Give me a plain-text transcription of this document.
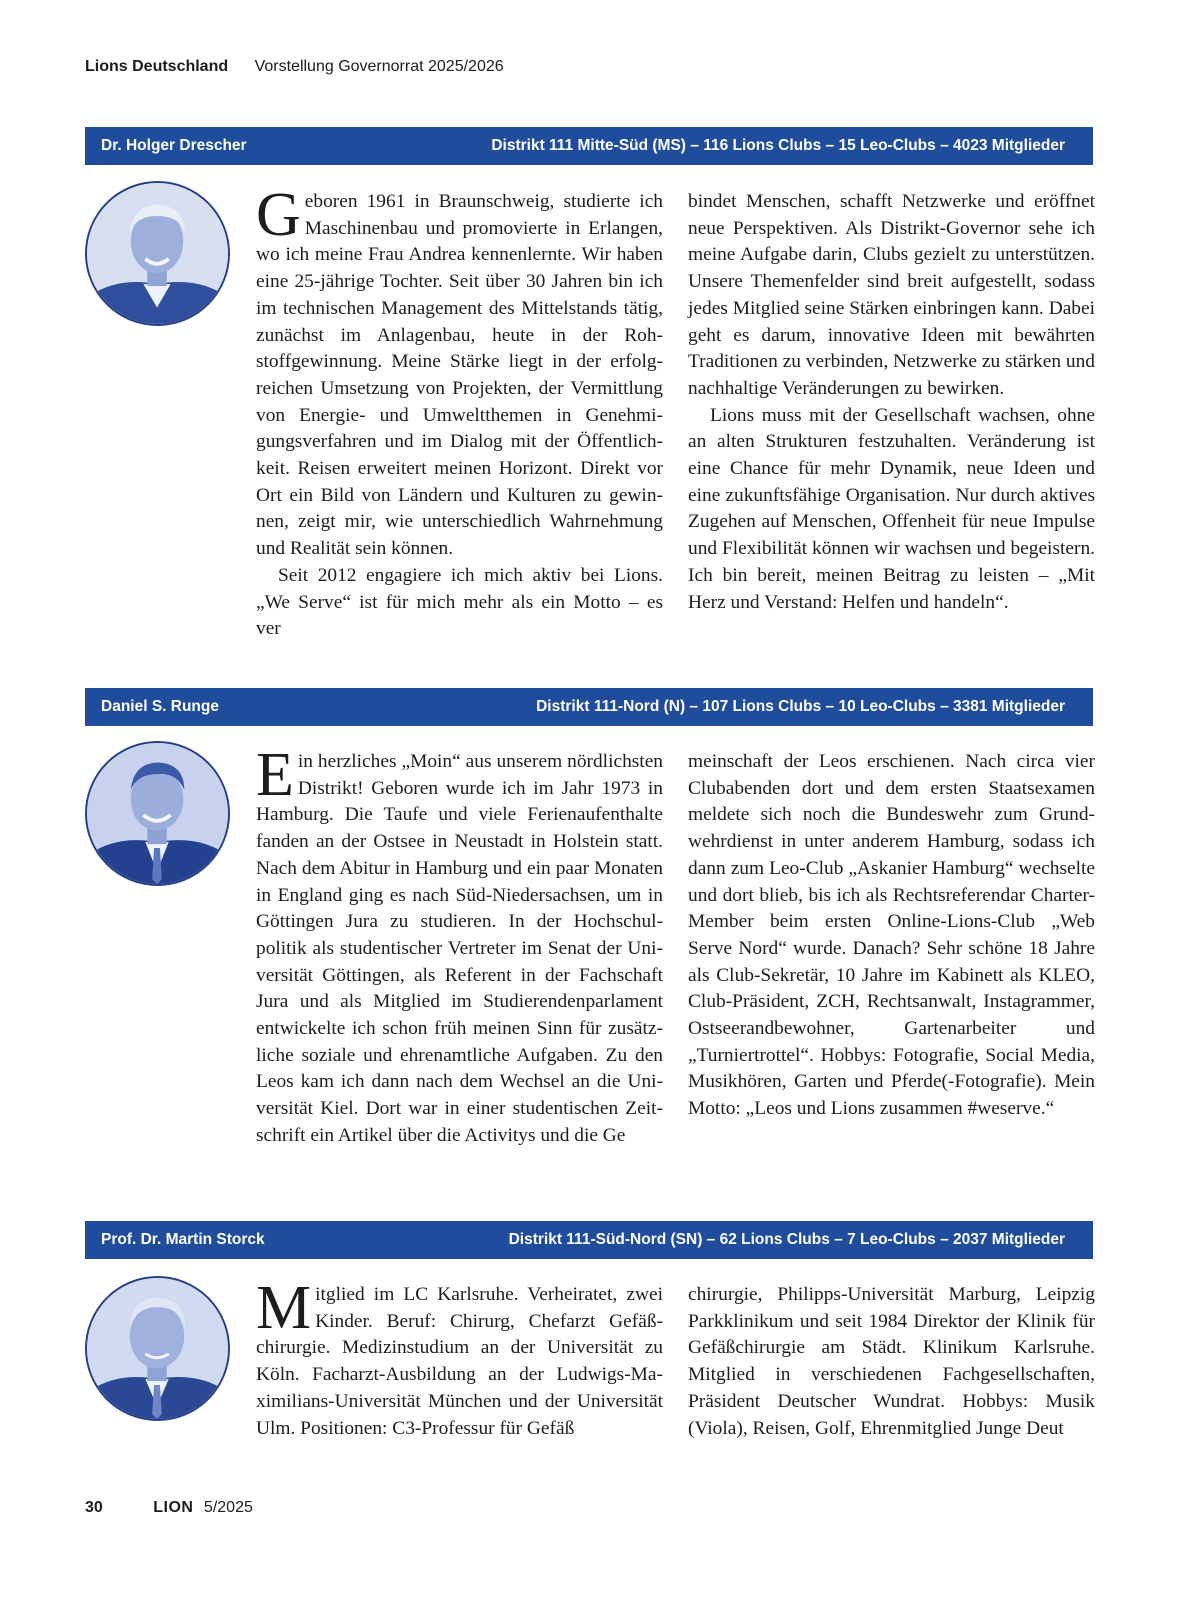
Lions Deutschland Vorstellung Governorrat 2025/2026
Dr. Holger Drescher	Distrikt 111 Mitte-Süd (MS) – 116 Lions Clubs – 15 Leo-Clubs – 4023 Mitglieder

Geboren 1961 in Braunschweig, studierte ich Maschinenbau und promovierte in Erlangen, wo ich meine Frau Andrea kennenlernte. Wir haben eine 25-jährige Tochter. Seit über 30 Jahren bin ich im technischen Management des Mittelstands tätig, zunächst im Anlagenbau, heute in der Rohstoffgewinnung. Meine Stärke liegt in der erfolgreichen Umsetzung von Projekten, der Vermittlung von Energie- und Umweltthemen in Genehmigungsverfahren und im Dialog mit der Öffentlichkeit. Reisen erweitert meinen Horizont. Direkt vor Ort ein Bild von Ländern und Kulturen zu gewinnen, zeigt mir, wie unterschiedlich Wahrnehmung und Realität sein können.

Seit 2012 engagiere ich mich aktiv bei Lions. „We Serve“ ist für mich mehr als ein Motto – es ver

bindet Menschen, schafft Netzwerke und eröffnet neue Perspektiven. Als Distrikt-Governor sehe ich meine Aufgabe darin, Clubs gezielt zu unterstützen. Unsere Themenfelder sind breit aufgestellt, sodass jedes Mitglied seine Stärken einbringen kann. Dabei geht es darum, innovative Ideen mit bewährten Traditionen zu verbinden, Netzwerke zu stärken und nachhaltige Veränderungen zu bewirken.

Lions muss mit der Gesellschaft wachsen, ohne an alten Strukturen festzuhalten. Veränderung ist eine Chance für mehr Dynamik, neue Ideen und eine zukunftsfähige Organisation. Nur durch aktives Zugehen auf Menschen, Offenheit für neue Impulse und Flexibilität können wir wachsen und begeistern. Ich bin bereit, meinen Beitrag zu leisten – „Mit Herz und Verstand: Helfen und handeln“.

Daniel S. Runge	Distrikt 111-Nord (N) – 107 Lions Clubs – 10 Leo-Clubs – 3381 Mitglieder

Ein herzliches „Moin“ aus unserem nördlichsten Distrikt! Geboren wurde ich im Jahr 1973 in Hamburg. Die Taufe und viele Ferienaufenthalte fanden an der Ostsee in Neustadt in Holstein statt. Nach dem Abitur in Hamburg und ein paar Monaten in England ging es nach Süd-Niedersachsen, um in Göttingen Jura zu studieren. In der Hochschulpolitik als studentischer Vertreter im Senat der Universität Göttingen, als Referent in der Fachschaft Jura und als Mitglied im Studierendenparlament entwickelte ich schon früh meinen Sinn für zusätzliche soziale und ehrenamtliche Aufgaben. Zu den Leos kam ich dann nach dem Wechsel an die Universität Kiel. Dort war in einer studentischen Zeitschrift ein Artikel über die Activitys und die Ge

meinschaft der Leos erschienen. Nach circa vier Clubabenden dort und dem ersten Staatsexamen meldete sich noch die Bundeswehr zum Grundwehrdienst in unter anderem Hamburg, sodass ich dann zum Leo-Club „Askanier Hamburg“ wechselte und dort blieb, bis ich als Rechtsreferendar Charter-Member beim ersten Online-Lions-Club „Web Serve Nord“ wurde. Danach? Sehr schöne 18 Jahre als Club-Sekretär, 10 Jahre im Kabinett als KLEO, Club-Präsident, ZCH, Rechtsanwalt, Instagrammer, Ostseerandbewohner, Gartenarbeiter und „Turniertrottel“. Hobbys: Fotografie, Social Media, Musikhören, Garten und Pferde(-Fotografie). Mein Motto: „Leos und Lions zusammen #weserve.“

Prof. Dr. Martin Storck	Distrikt 111-Süd-Nord (SN) – 62 Lions Clubs – 7 Leo-Clubs – 2037 Mitglieder

Mitglied im LC Karlsruhe. Verheiratet, zwei Kinder. Beruf: Chirurg, Chefarzt Gefäßchirurgie. Medizinstudium an der Universität zu Köln. Facharzt-Ausbildung an der Ludwigs-Maximilians-Universität München und der Universität Ulm. Positionen: C3-Professur für Gefäß

chirurgie, Philipps-Universität Marburg, Leipzig Parkklinikum und seit 1984 Direktor der Klinik für Gefäßchirurgie am Städt. Klinikum Karlsruhe. Mitglied in verschiedenen Fachgesellschaften, Präsident Deutscher Wundrat. Hobbys: Musik (Viola), Reisen, Golf, Ehrenmitglied Junge Deut

30	LION 5/2025
